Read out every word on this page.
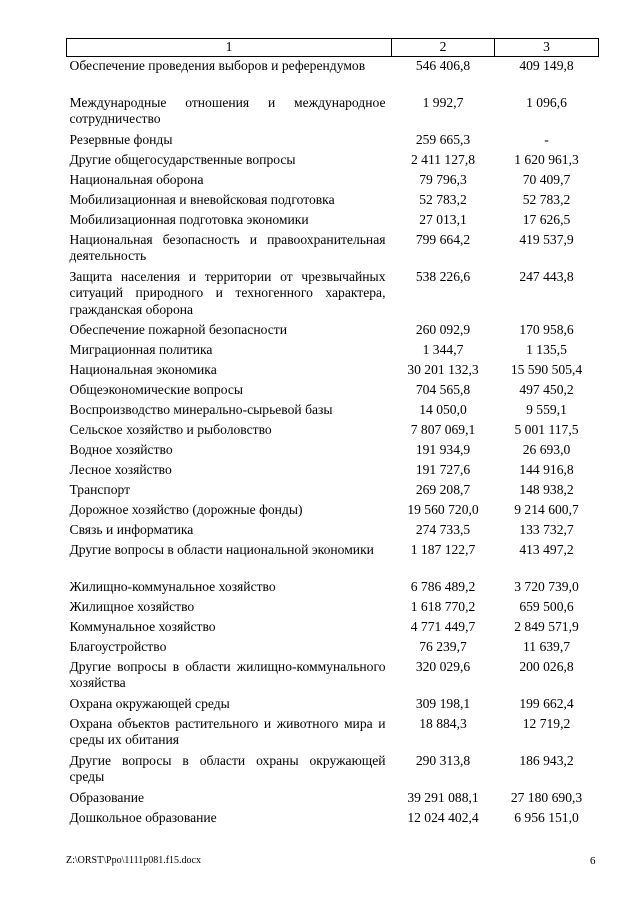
1	2	3
Обеспечение проведения выборов и референдумов	546 406,8	409 149,8
Международные отношения и международное сотрудничество	1 992,7	1 096,6
Резервные фонды	259 665,3	-
Другие общегосударственные вопросы	2 411 127,8	1 620 961,3
Национальная оборона	79 796,3	70 409,7
Мобилизационная и вневойсковая подготовка	52 783,2	52 783,2
Мобилизационная подготовка экономики	27 013,1	17 626,5
Национальная безопасность и правоохранительная деятельность	799 664,2	419 537,9
Защита населения и территории от чрезвычайных ситуаций природного и техногенного характера, гражданская оборона	538 226,6	247 443,8
Обеспечение пожарной безопасности	260 092,9	170 958,6
Миграционная политика	1 344,7	1 135,5
Национальная экономика	30 201 132,3	15 590 505,4
Общеэкономические вопросы	704 565,8	497 450,2
Воспроизводство минерально-сырьевой базы	14 050,0	9 559,1
Сельское хозяйство и рыболовство	7 807 069,1	5 001 117,5
Водное хозяйство	191 934,9	26 693,0
Лесное хозяйство	191 727,6	144 916,8
Транспорт	269 208,7	148 938,2
Дорожное хозяйство (дорожные фонды)	19 560 720,0	9 214 600,7
Связь и информатика	274 733,5	133 732,7
Другие вопросы в области национальной экономики	1 187 122,7	413 497,2
Жилищно-коммунальное хозяйство	6 786 489,2	3 720 739,0
Жилищное хозяйство	1 618 770,2	659 500,6
Коммунальное хозяйство	4 771 449,7	2 849 571,9
Благоустройство	76 239,7	11 639,7
Другие вопросы в области жилищно-коммунального хозяйства	320 029,6	200 026,8
Охрана окружающей среды	309 198,1	199 662,4
Охрана объектов растительного и животного мира и среды их обитания	18 884,3	12 719,2
Другие вопросы в области охраны окружающей среды	290 313,8	186 943,2
Образование	39 291 088,1	27 180 690,3
Дошкольное образование	12 024 402,4	6 956 151,0
Z:\ORST\Ppo\1111p081.f15.docx	6
